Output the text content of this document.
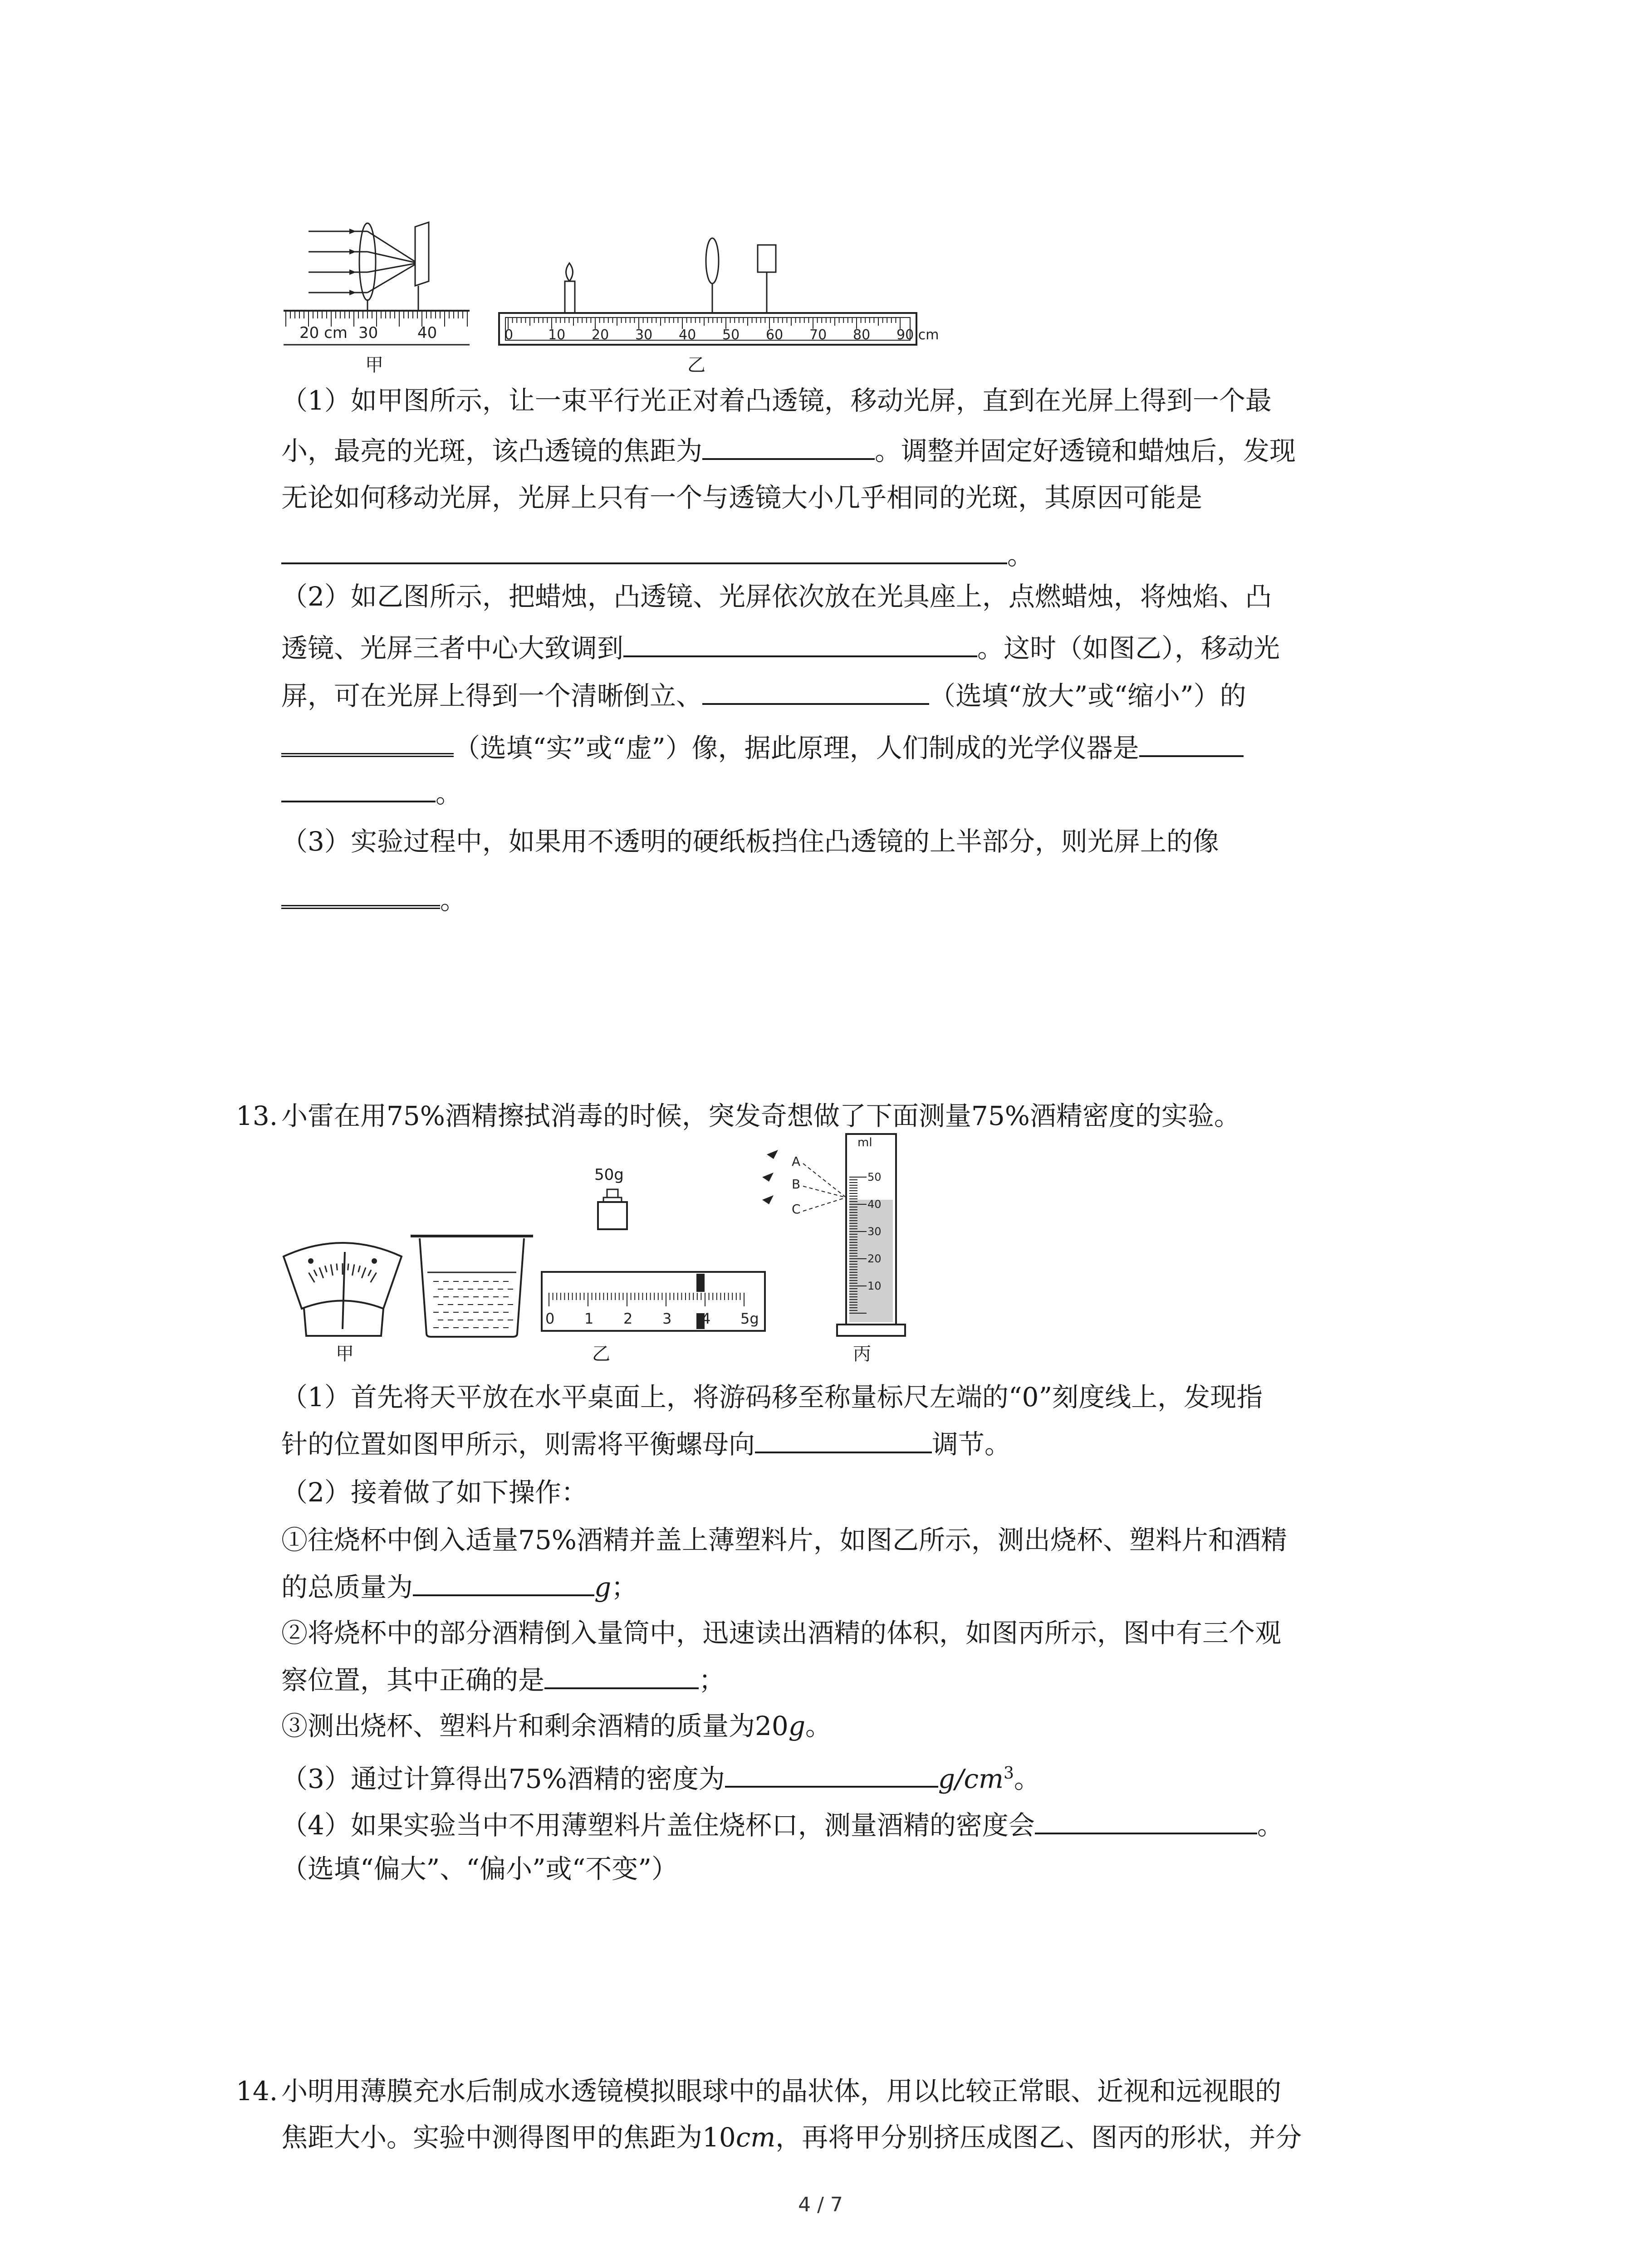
20 cm 30	40
甲
0	10 20 30 40 50 60 70 80 90 cm
乙
（1）如甲图所示，让一束平行光正对着凸透镜，移动光屏，直到在光屏上得到一个最
小，最亮的光斑，该凸透镜的焦距为	。调整并固定好透镜和蜡烛后，发现
无论如何移动光屏，光屏上只有一个与透镜大小几乎相同的光斑，其原因可能是
。
（2）如乙图所示，把蜡烛，凸透镜、光屏依次放在光具座上，点燃蜡烛，将烛焰、凸
透镜、光屏三者中心大致调到	。这时（如图乙），移动光
屏，可在光屏上得到一个清晰倒立、	（选填“放大”或“缩小”）的
（选填“实”或“虚”）像，据此原理，人们制成的光学仪器是
。
（3）实验过程中，如果用不透明的硬纸板挡住凸透镜的上半部分，则光屏上的像
。
13. 小雷在用75%酒精擦拭消毒的时候，突发奇想做了下面测量75%酒精密度的实验。
甲
50g
0 1 2 3 4 5g
乙
A
B
C
ml
50
40
30
20
10
丙
（1）首先将天平放在水平桌面上，将游码移至称量标尺左端的“0”刻度线上，发现指
针的位置如图甲所示，则需将平衡螺母向	调节。
（2）接着做了如下操作：
①往烧杯中倒入适量75%酒精并盖上薄塑料片，如图乙所示，测出烧杯、塑料片和酒精
的总质量为	g；
②将烧杯中的部分酒精倒入量筒中，迅速读出酒精的体积，如图丙所示，图中有三个观
察位置，其中正确的是	；
③测出烧杯、塑料片和剩余酒精的质量为20g。
（3）通过计算得出75%酒精的密度为	$g/cm^3$。
（4）如果实验当中不用薄塑料片盖住烧杯口，测量酒精的密度会	。
（选填“偏大”、“偏小”或“不变”）
14. 小明用薄膜充水后制成水透镜模拟眼球中的晶状体，用以比较正常眼、近视和远视眼的
焦距大小。实验中测得图甲的焦距为10cm，再将甲分别挤压成图乙、图丙的形状，并分
4 / 7
